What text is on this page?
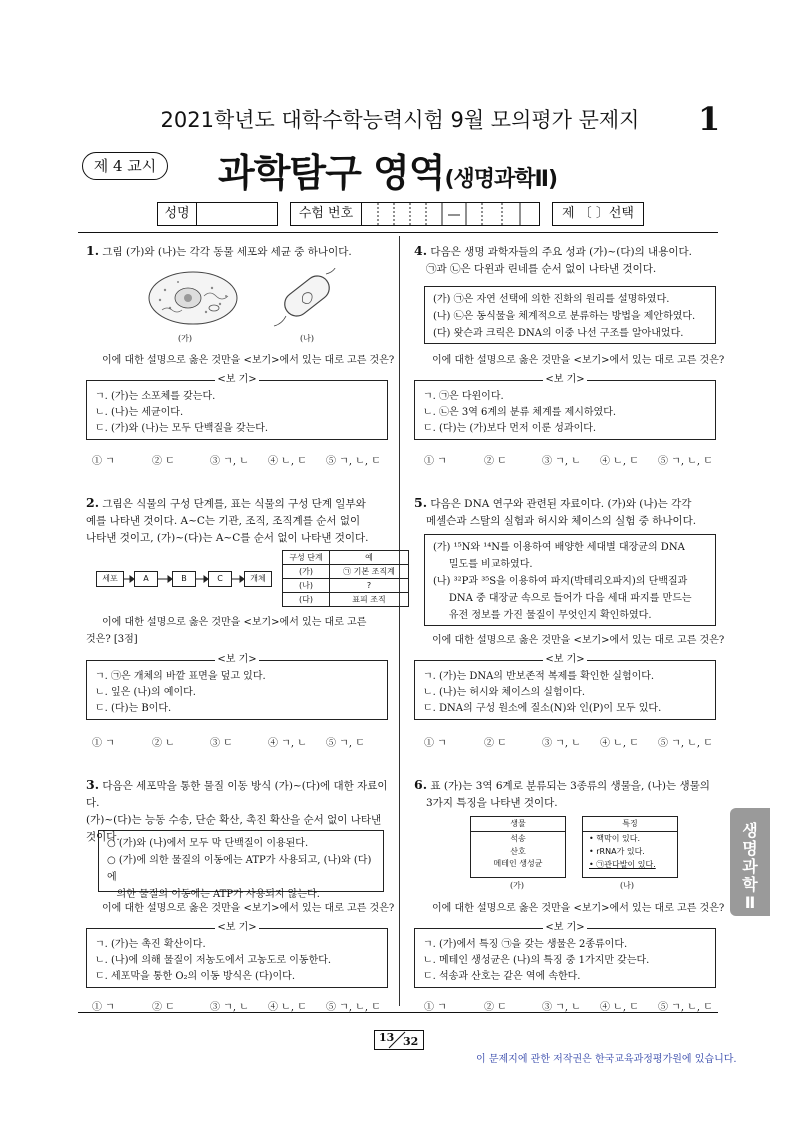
2021학년도 대학수학능력시험 9월 모의평가 문제지	1
제 4 교시	과학탐구 영역(생명과학Ⅱ)
성명	수험 번호	제 〔 〕선택
1. 그림 (가)와 (나)는 각각 동물 세포와 세균 중 하나이다.
(가)	(나)
이에 대한 설명으로 옳은 것만을 <보기>에서 있는 대로 고른 것은?
<보 기>
ㄱ. (가)는 소포체를 갖는다.
ㄴ. (나)는 세균이다.
ㄷ. (가)와 (나)는 모두 단백질을 갖는다.
① ㄱ	② ㄷ	③ ㄱ, ㄴ ④ ㄴ, ㄷ ⑤ ㄱ, ㄴ, ㄷ
2. 그림은 식물의 구성 단계를, 표는 식물의 구성 단계 일부와
예를 나타낸 것이다. A~C는 기관, 조직, 조직계를 순서 없이
나타낸 것이고, (가)~(다)는 A~C를 순서 없이 나타낸 것이다.
세포	A	B	C	개체
구성 단계	예
(가)	㉠ 기본 조직계
(나)	?
(다)	표피 조직
이에 대한 설명으로 옳은 것만을 <보기>에서 있는 대로 고른
것은? [3점]
<보 기>
ㄱ. ㉠은 개체의 바깥 표면을 덮고 있다.
ㄴ. 잎은 (나)의 예이다.
ㄷ. (다)는 B이다.
① ㄱ	② ㄴ	③ ㄷ	④ ㄱ, ㄴ ⑤ ㄱ, ㄷ
3. 다음은 세포막을 통한 물질 이동 방식 (가)~(다)에 대한 자료이다.
(가)~(다)는 능동 수송, 단순 확산, 촉진 확산을 순서 없이 나타낸
것이다.
○ (가)와 (나)에서 모두 막 단백질이 이용된다.
○ (가)에 의한 물질의 이동에는 ATP가 사용되고, (나)와 (다)에
의한 물질의 이동에는 ATP가 사용되지 않는다.
이에 대한 설명으로 옳은 것만을 <보기>에서 있는 대로 고른 것은?
<보 기>
ㄱ. (가)는 촉진 확산이다.
ㄴ. (나)에 의해 물질이 저농도에서 고농도로 이동한다.
ㄷ. 세포막을 통한 O₂의 이동 방식은 (다)이다.
① ㄱ	② ㄷ	③ ㄱ, ㄴ ④ ㄴ, ㄷ ⑤ ㄱ, ㄴ, ㄷ
4. 다음은 생명 과학자들의 주요 성과 (가)~(다)의 내용이다.
㉠과 ㉡은 다윈과 린네를 순서 없이 나타낸 것이다.
(가) ㉠은 자연 선택에 의한 진화의 원리를 설명하였다.
(나) ㉡은 동식물을 체계적으로 분류하는 방법을 제안하였다.
(다) 왓슨과 크릭은 DNA의 이중 나선 구조를 알아내었다.
이에 대한 설명으로 옳은 것만을 <보기>에서 있는 대로 고른 것은?
<보 기>
ㄱ. ㉠은 다윈이다.
ㄴ. ㉡은 3역 6계의 분류 체계를 제시하였다.
ㄷ. (다)는 (가)보다 먼저 이룬 성과이다.
① ㄱ	② ㄷ	③ ㄱ, ㄴ ④ ㄴ, ㄷ ⑤ ㄱ, ㄴ, ㄷ
5. 다음은 DNA 연구와 관련된 자료이다. (가)와 (나)는 각각
메셀슨과 스탈의 실험과 허시와 체이스의 실험 중 하나이다.
(가) ¹⁵N와 ¹⁴N를 이용하여 배양한 세대별 대장균의 DNA
밀도를 비교하였다.
(나) ³²P과 ³⁵S을 이용하여 파지(박테리오파지)의 단백질과
DNA 중 대장균 속으로 들어가 다음 세대 파지를 만드는
유전 정보를 가진 물질이 무엇인지 확인하였다.
이에 대한 설명으로 옳은 것만을 <보기>에서 있는 대로 고른 것은?
<보 기>
ㄱ. (가)는 DNA의 반보존적 복제를 확인한 실험이다.
ㄴ. (나)는 허시와 체이스의 실험이다.
ㄷ. DNA의 구성 원소에 질소(N)와 인(P)이 모두 있다.
① ㄱ	② ㄷ	③ ㄱ, ㄴ ④ ㄴ, ㄷ ⑤ ㄱ, ㄴ, ㄷ
6. 표 (가)는 3역 6계로 분류되는 3종류의 생물을, (나)는 생물의
3가지 특징을 나타낸 것이다.
생물
석송
산호
메테인 생성균
특징
• 핵막이 있다.
• rRNA가 있다.
• ㉠관다발이 있다.
(가)	(나)
이에 대한 설명으로 옳은 것만을 <보기>에서 있는 대로 고른 것은?
<보 기>
ㄱ. (가)에서 특징 ㉠을 갖는 생물은 2종류이다.
ㄴ. 메테인 생성균은 (나)의 특징 중 1가지만 갖는다.
ㄷ. 석송과 산호는 같은 역에 속한다.
① ㄱ	② ㄷ	③ ㄱ, ㄴ ④ ㄴ, ㄷ ⑤ ㄱ, ㄴ, ㄷ
생명과학Ⅱ
13 32
이 문제지에 관한 저작권은 한국교육과정평가원에 있습니다.
